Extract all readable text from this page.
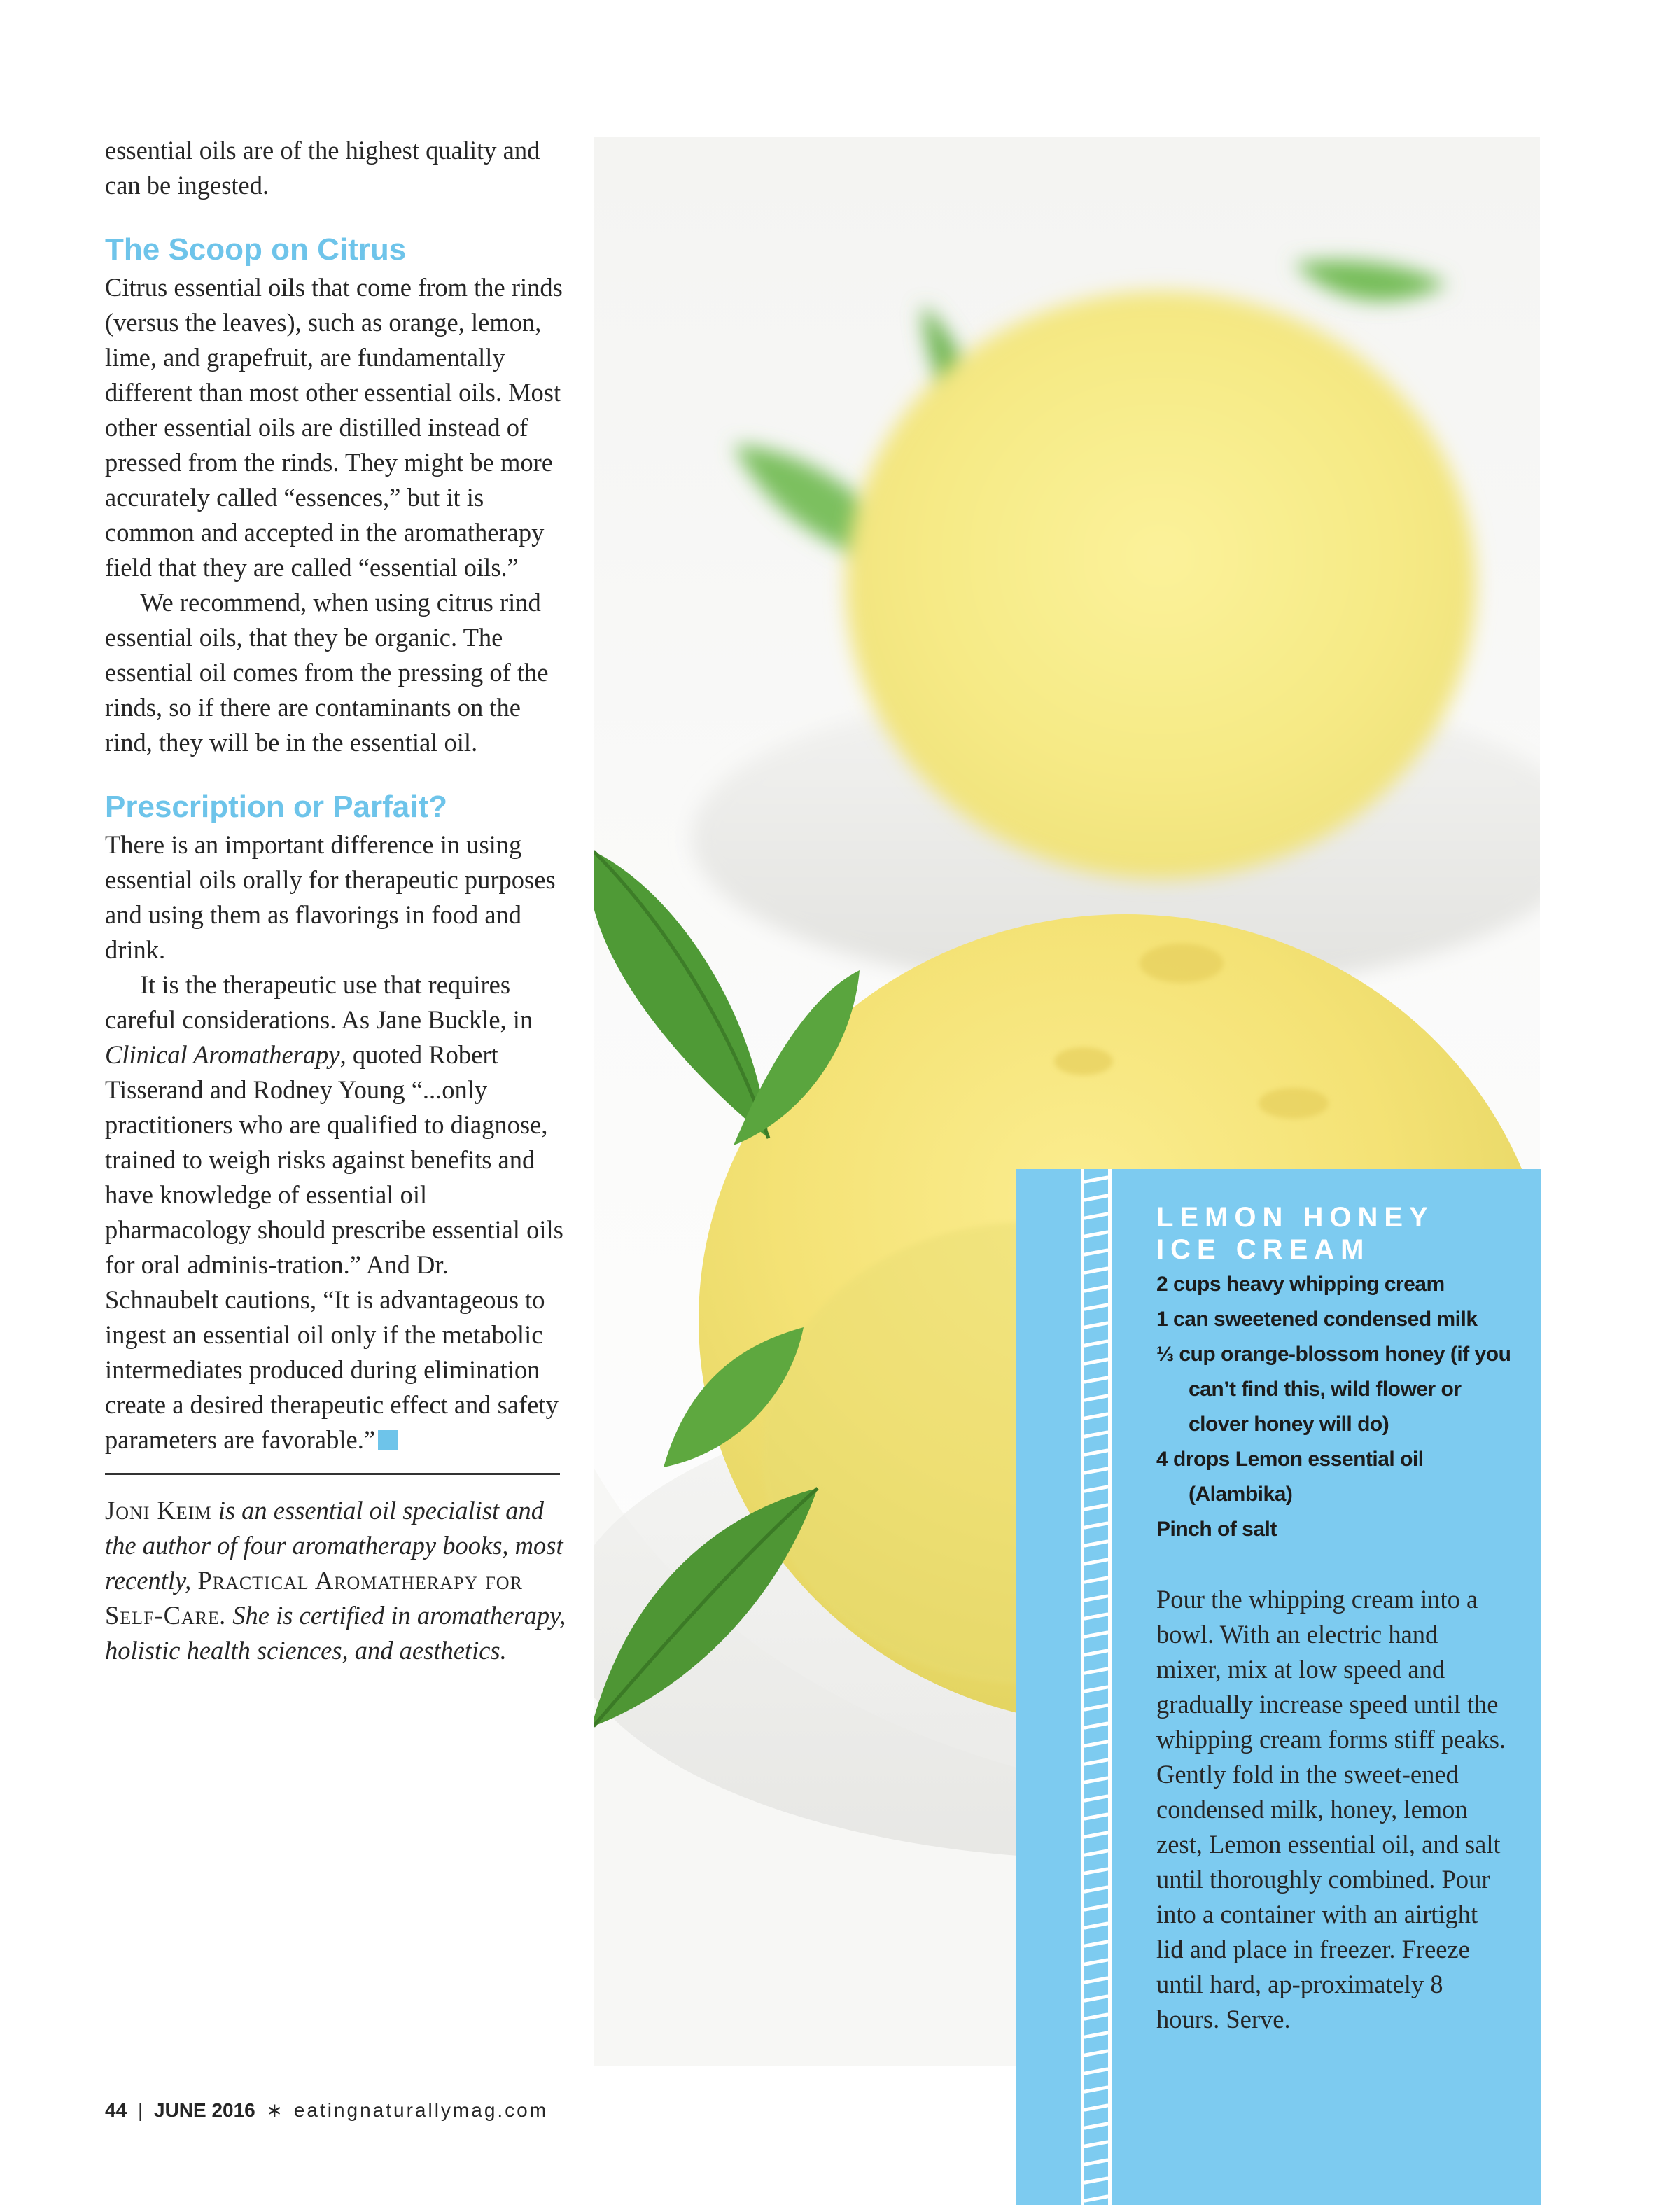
essential oils are of the highest quality and can be ingested.

The Scoop on Citrus

Citrus essential oils that come from the rinds (versus the leaves), such as orange, lemon, lime, and grapefruit, are fundamentally different than most other essential oils. Most other essential oils are distilled instead of pressed from the rinds. They might be more accurately called “essences,” but it is common and accepted in the aromatherapy field that they are called “essential oils.”

We recommend, when using citrus rind essential oils, that they be organic. The essential oil comes from the pressing of the rinds, so if there are contaminants on the rind, they will be in the essential oil.

Prescription or Parfait?

There is an important difference in using essential oils orally for therapeutic purposes and using them as flavorings in food and drink.

It is the therapeutic use that requires careful considerations. As Jane Buckle, in Clinical Aromatherapy, quoted Robert Tisserand and Rodney Young “...only practitioners who are qualified to diagnose, trained to weigh risks against benefits and have knowledge of essential oil pharmacology should prescribe essential oils for oral adminis-tration.” And Dr. Schnaubelt cautions, “It is advantageous to ingest an essential oil only if the metabolic intermediates produced during elimination create a desired therapeutic effect and safety parameters are favorable.”

Joni Keim is an essential oil specialist and the author of four aromatherapy books, most recently, Practical Aromatherapy for Self-Care. She is certified in aromatherapy, holistic health sciences, and aesthetics.

LEMON HONEY
ICE CREAM
2 cups heavy whipping cream
1 can sweetened condensed milk
⅓ cup orange-blossom honey (if you can’t find this, wild flower or clover honey will do)
4 drops Lemon essential oil (Alambika)
Pinch of salt

Pour the whipping cream into a bowl. With an electric hand mixer, mix at low speed and gradually increase speed until the whipping cream forms stiff peaks. Gently fold in the sweet-ened condensed milk, honey, lemon zest, Lemon essential oil, and salt until thoroughly combined. Pour into a container with an airtight lid and place in freezer. Freeze until hard, ap-proximately 8 hours. Serve.

44 | JUNE 2016 ∗ eatingnaturallymag.com
